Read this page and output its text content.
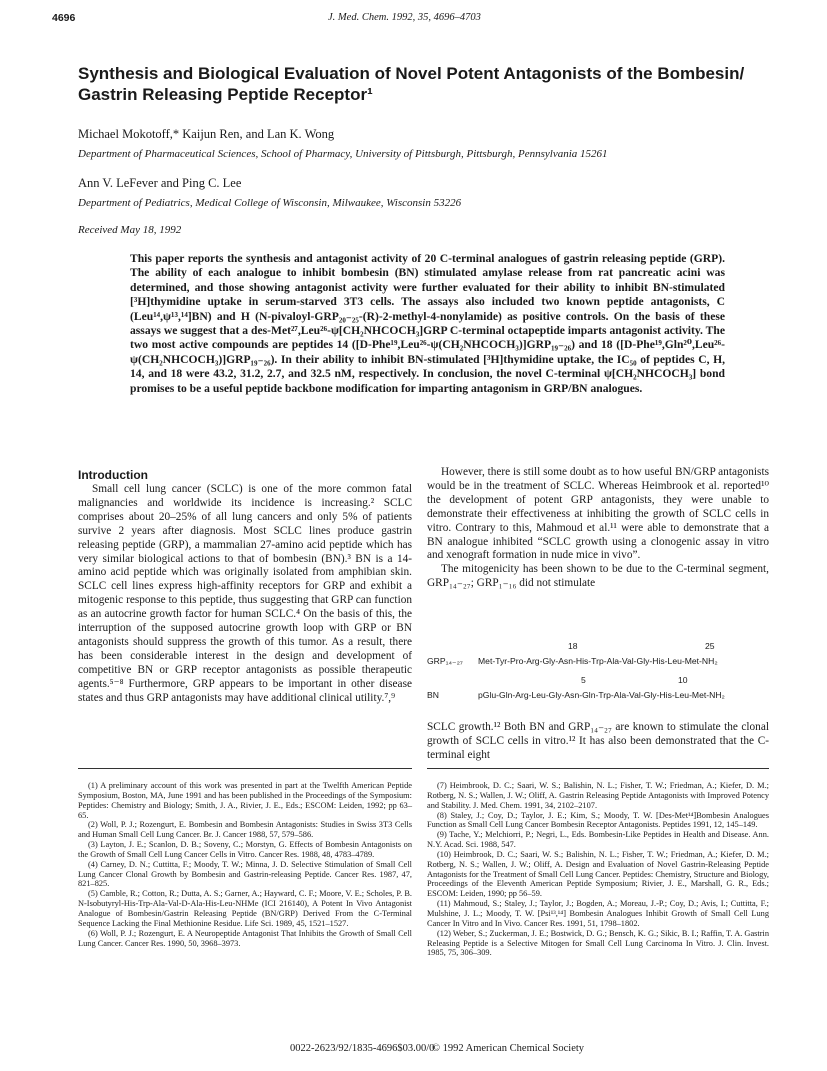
4696	J. Med. Chem. 1992, 35, 4696–4703
Synthesis and Biological Evaluation of Novel Potent Antagonists of the Bombesin/
Gastrin Releasing Peptide Receptor¹
Michael Mokotoff,* Kaijun Ren, and Lan K. Wong
Department of Pharmaceutical Sciences, School of Pharmacy, University of Pittsburgh, Pittsburgh, Pennsylvania 15261
Ann V. LeFever and Ping C. Lee
Department of Pediatrics, Medical College of Wisconsin, Milwaukee, Wisconsin 53226
Received May 18, 1992

This paper reports the synthesis and antagonist activity of 20 C-terminal analogues of gastrin releasing peptide (GRP). The ability of each analogue to inhibit bombesin (BN) stimulated amylase release from rat pancreatic acini was determined, and those showing antagonist activity were further evaluated for their ability to inhibit BN-stimulated [³H]thymidine uptake in serum-starved 3T3 cells. The assays also included two known peptide antagonists, C (Leu¹⁴,ψ¹³,¹⁴]BN) and H (N-pivaloyl-GRP₂₀₋₂₅-(R)-2-methyl-4-nonylamide) as positive controls. On the basis of these assays we suggest that a des-Met²⁷,Leu²⁶-ψ[CH₂NHCOCH₃]GRP C-terminal octapeptide imparts antagonist activity. The two most active compounds are peptides 14 ([D-Phe¹⁹,Leu²⁶-ψ(CH₂NHCOCH₃)]GRP₁₉₋₂₆) and 18 ([D-Phe¹⁹,Gln²⁰,Leu²⁶-ψ(CH₂NHCOCH₃)]GRP₁₉₋₂₆). In their ability to inhibit BN-stimulated [³H]thymidine uptake, the IC₅₀ of peptides C, H, 14, and 18 were 43.2, 31.2, 2.7, and 32.5 nM, respectively. In conclusion, the novel C-terminal ψ[CH₂NHCOCH₃] bond promises to be a useful peptide backbone modification for imparting antagonism in GRP/BN analogues.

Introduction

Small cell lung cancer (SCLC) is one of the more common fatal malignancies and worldwide its incidence is increasing.² SCLC comprises about 20–25% of all lung cancers and only 5% of patients survive 2 years after diagnosis. Most SCLC lines produce gastrin releasing peptide (GRP), a mammalian 27-amino acid peptide which has very similar biological actions to that of bombesin (BN).³ BN is a 14-amino acid peptide which was originally isolated from amphibian skin. SCLC cell lines express high-affinity receptors for GRP and exhibit a mitogenic response to this peptide, thus suggesting that GRP can function as an autocrine growth factor for human SCLC.⁴ On the basis of this, the interruption of the supposed autocrine growth loop with GRP or BN antagonists should suppress the growth of this tumor. As a result, there has been considerable interest in the design and development of competitive BN or GRP receptor antagonists as possible therapeutic agents.⁵⁻⁸ Furthermore, GRP appears to be important in other disease states and thus GRP antagonists may have additional clinical utility.⁷,⁹

However, there is still some doubt as to how useful BN/GRP antagonists would be in the treatment of SCLC. Whereas Heimbrook et al. reported¹⁰ the development of potent GRP antagonists, they were unable to demonstrate their effectiveness at inhibiting the growth of SCLC cells in vitro. Contrary to this, Mahmoud et al.¹¹ were able to demonstrate that a BN analogue inhibited “SCLC growth using a clonogenic assay in vitro and xenograft formation in nude mice in vivo”.

The mitogenicity has been shown to be due to the C-terminal segment, GRP₁₄₋₂₇; GRP₁₋₁₆ did not stimulate

18	25
GRP₁₄₋₂₇ Met-Tyr-Pro-Arg-Gly-Asn-His-Trp-Ala-Val-Gly-His-Leu-Met-NH₂
5	10
BN	pGlu-Gln-Arg-Leu-Gly-Asn-Gln-Trp-Ala-Val-Gly-His-Leu-Met-NH₂

SCLC growth.¹² Both BN and GRP₁₄₋₂₇ are known to stimulate the clonal growth of SCLC cells in vitro.¹² It has also been demonstrated that the C-terminal eight

(1) A preliminary account of this work was presented in part at the Twelfth American Peptide Symposium, Boston, MA, June 1991 and has been published in the Proceedings of the Symposium: Peptides: Chemistry and Biology; Smith, J. A., Rivier, J. E., Eds.; ESCOM: Leiden, 1992; pp 63–65.

(2) Woll, P. J.; Rozengurt, E. Bombesin and Bombesin Antagonists: Studies in Swiss 3T3 Cells and Human Small Cell Lung Cancer. Br. J. Cancer 1988, 57, 579–586.

(3) Layton, J. E.; Scanlon, D. B.; Soveny, C.; Morstyn, G. Effects of Bombesin Antagonists on the Growth of Small Cell Lung Cancer Cells in Vitro. Cancer Res. 1988, 48, 4783–4789.

(4) Carney, D. N.; Cuttitta, F.; Moody, T. W.; Minna, J. D. Selective Stimulation of Small Cell Lung Cancer Clonal Growth by Bombesin and Gastrin-releasing Peptide. Cancer Res. 1987, 47, 821–825.

(5) Camble, R.; Cotton, R.; Dutta, A. S.; Garner, A.; Hayward, C. F.; Moore, V. E.; Scholes, P. B. N-Isobutyryl-His-Trp-Ala-Val-D-Ala-His-Leu-NHMe (ICI 216140), A Potent In Vivo Antagonist Analogue of Bombesin/Gastrin Releasing Peptide (BN/GRP) Derived From the C-Terminal Sequence Lacking the Final Methionine Residue. Life Sci. 1989, 45, 1521–1527.

(6) Woll, P. J.; Rozengurt, E. A Neuropeptide Antagonist That Inhibits the Growth of Small Cell Lung Cancer. Cancer Res. 1990, 50, 3968–3973.

(7) Heimbrook, D. C.; Saari, W. S.; Balishin, N. L.; Fisher, T. W.; Friedman, A.; Kiefer, D. M.; Rotberg, N. S.; Wallen, J. W.; Oliff, A. Gastrin Releasing Peptide Antagonists with Improved Potency and Stability. J. Med. Chem. 1991, 34, 2102–2107.

(8) Staley, J.; Coy, D.; Taylor, J. E.; Kim, S.; Moody, T. W. [Des-Met¹⁴]Bombesin Analogues Function as Small Cell Lung Cancer Bombesin Receptor Antagonists. Peptides 1991, 12, 145–149.

(9) Tache, Y.; Melchiorri, P.; Negri, L., Eds. Bombesin-Like Peptides in Health and Disease. Ann. N.Y. Acad. Sci. 1988, 547.

(10) Heimbrook, D. C.; Saari, W. S.; Balishin, N. L.; Fisher, T. W.; Friedman, A.; Kiefer, D. M.; Rotberg, N. S.; Wallen, J. W.; Oliff, A. Design and Evaluation of Novel Gastrin-Releasing Peptide Antagonists for the Treatment of Small Cell Lung Cancer. Peptides: Chemistry, Structure and Biology, Proceedings of the Eleventh American Peptide Symposium; Rivier, J. E., Marshall, G. R., Eds.; ESCOM: Leiden, 1990; pp 56–59.

(11) Mahmoud, S.; Staley, J.; Taylor, J.; Bogden, A.; Moreau, J.-P.; Coy, D.; Avis, I.; Cuttitta, F.; Mulshine, J. L.; Moody, T. W. [Psi¹³,¹⁴] Bombesin Analogues Inhibit Growth of Small Cell Lung Cancer In Vitro and In Vivo. Cancer Res. 1991, 51, 1798–1802.

(12) Weber, S.; Zuckerman, J. E.; Bostwick, D. G.; Bensch, K. G.; Sikic, B. I.; Raffin, T. A. Gastrin Releasing Peptide is a Selective Mitogen for Small Cell Lung Carcinoma In Vitro. J. Clin. Invest. 1985, 75, 306–309.

0022-2623/92/1835-4696$03.00/0
© 1992 American Chemical Society
